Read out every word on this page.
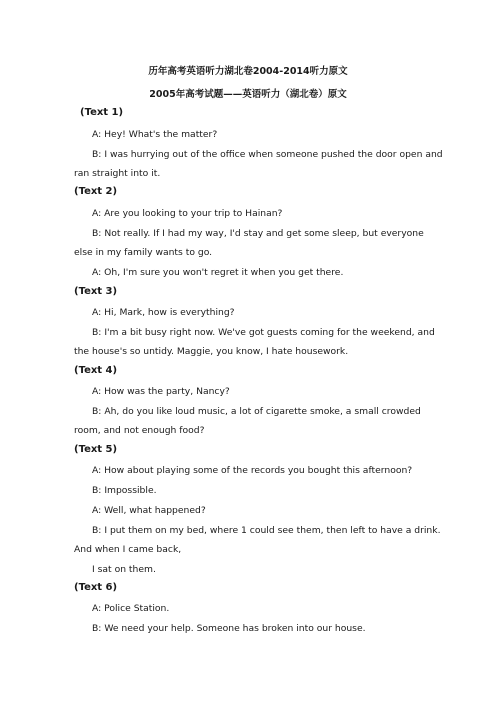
历年高考英语听力湖北卷2004-2014听力原文
2005年高考试题——英语听力（湖北卷）原文
(Text 1)
A: Hey! What's the matter?
B: I was hurrying out of the office when someone pushed the door open and
ran straight into it.
(Text 2)
A: Are you looking to your trip to Hainan?
B: Not really. If I had my way, I'd stay and get some sleep, but everyone
else in my family wants to go.
A: Oh, I'm sure you won't regret it when you get there.
(Text 3)
A: Hi, Mark, how is everything?
B: I'm a bit busy right now. We've got guests coming for the weekend, and
the house's so untidy. Maggie, you know, I hate housework.
(Text 4)
A: How was the party, Nancy?
B: Ah, do you like loud music, a lot of cigarette smoke, a small crowded
room, and not enough food?
(Text 5)
A: How about playing some of the records you bought this afternoon?
B: Impossible.
A: Well, what happened?
B: I put them on my bed, where 1 could see them, then left to have a drink.
And when I came back,
I sat on them.
(Text 6)
A: Police Station.
B: We need your help. Someone has broken into our house.
